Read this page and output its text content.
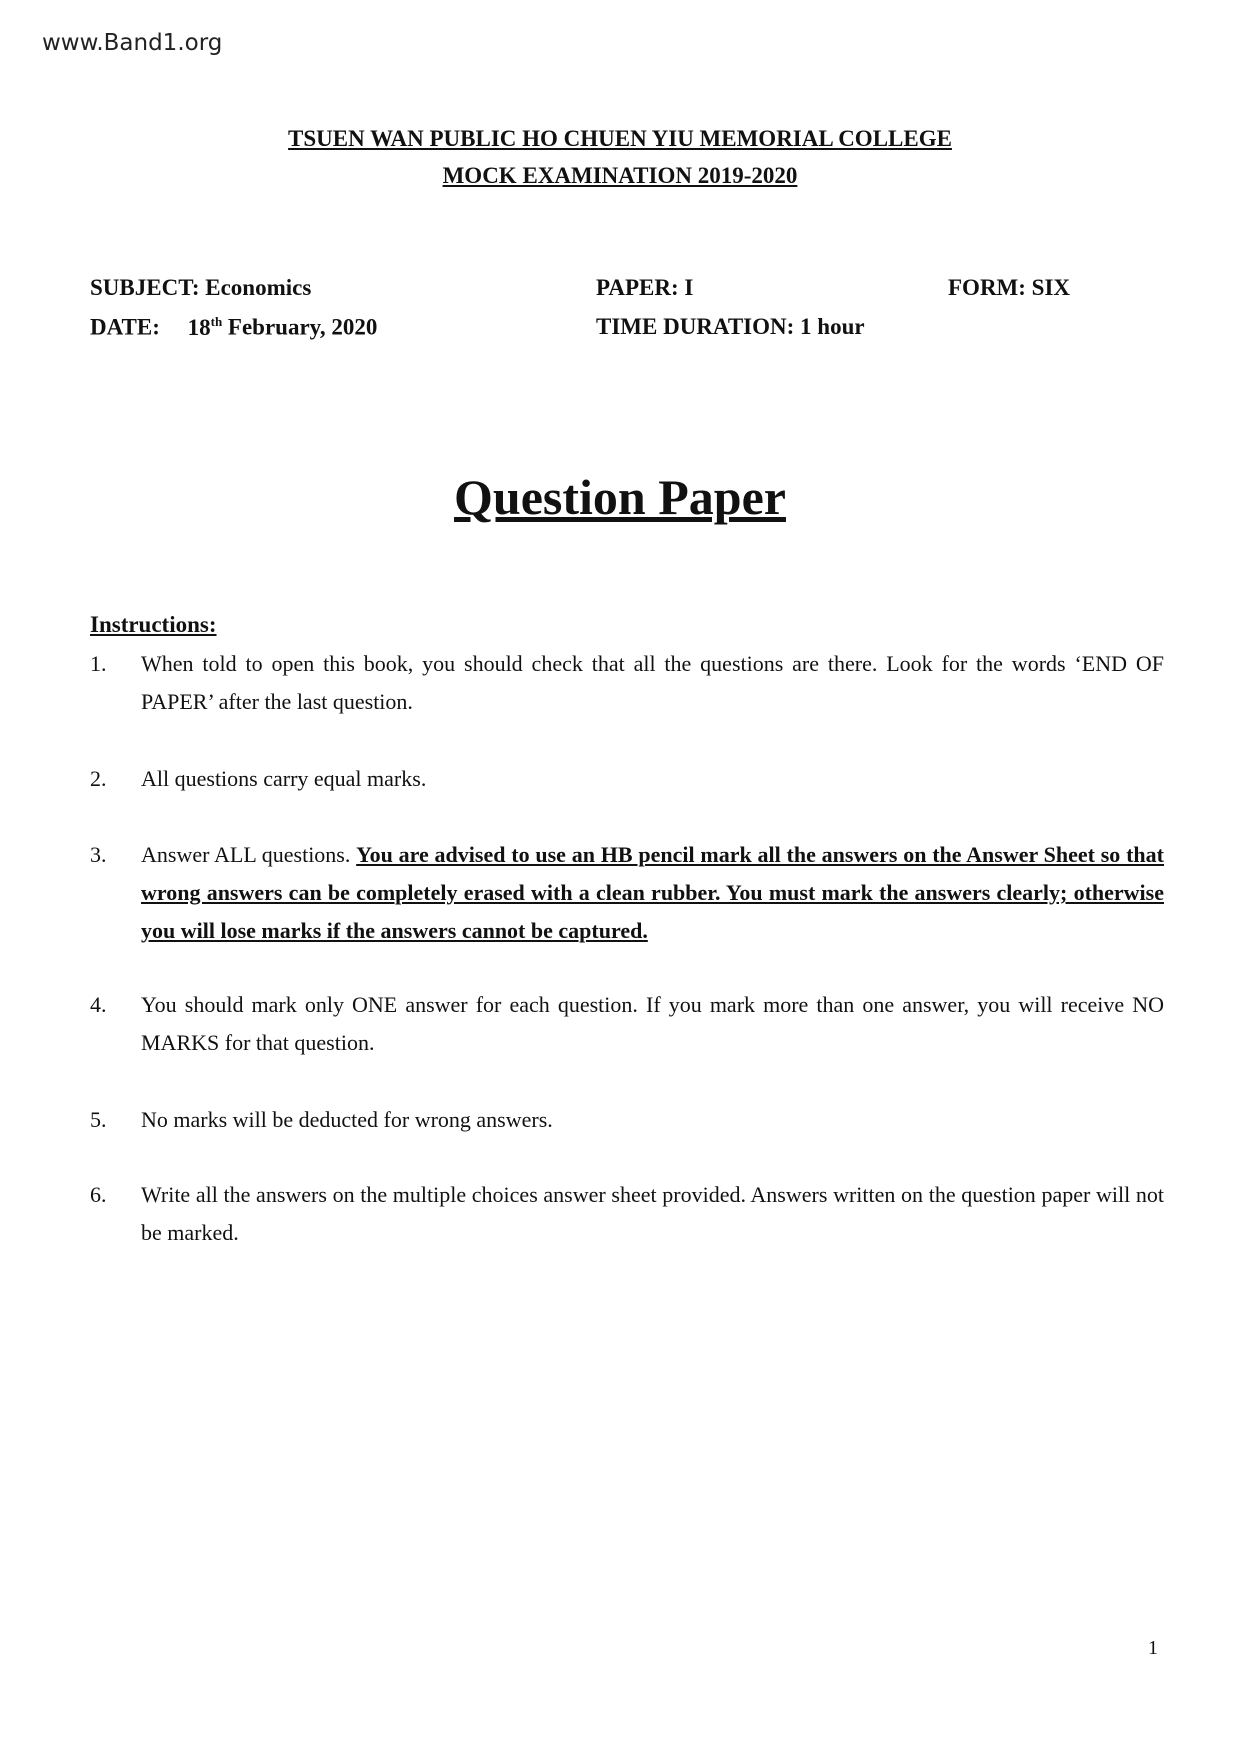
www.Band1.org
TSUEN WAN PUBLIC HO CHUEN YIU MEMORIAL COLLEGE
MOCK EXAMINATION 2019-2020
SUBJECT: Economics	PAPER: I	FORM: SIX
DATE: 18th February, 2020	TIME DURATION: 1 hour
Question Paper
Instructions:
1. When told to open this book, you should check that all the questions are there. Look for the words ‘END OF PAPER’ after the last question.
2. All questions carry equal marks.
3. Answer ALL questions. You are advised to use an HB pencil mark all the answers on the Answer Sheet so that wrong answers can be completely erased with a clean rubber. You must mark the answers clearly; otherwise you will lose marks if the answers cannot be captured.
4. You should mark only ONE answer for each question. If you mark more than one answer, you will receive NO MARKS for that question.
5. No marks will be deducted for wrong answers.
6. Write all the answers on the multiple choices answer sheet provided. Answers written on the question paper will not be marked.
1
